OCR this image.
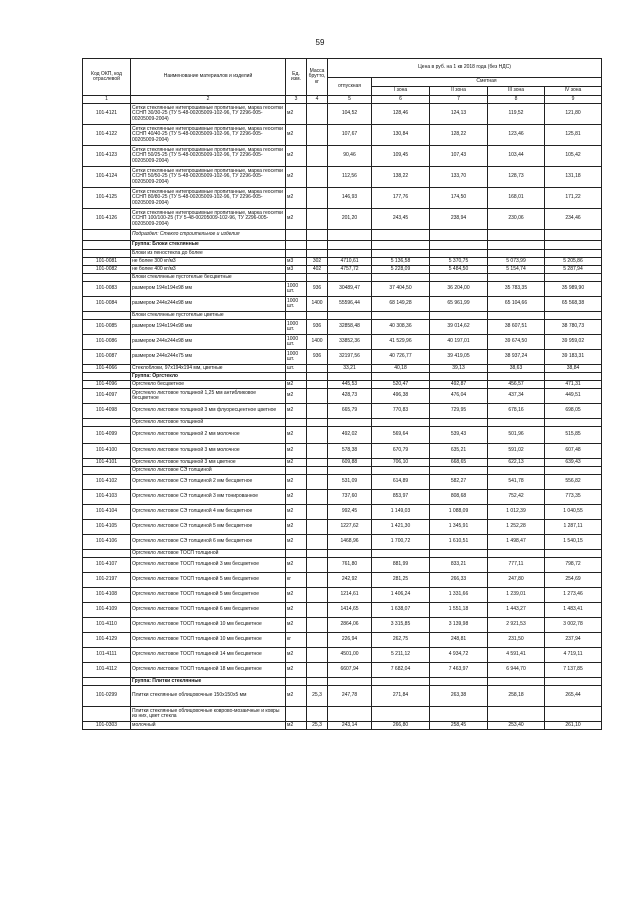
59
Код ОКП, код отраслевой	Наименование материалов и изделий	Ед. изм.	Масса брутто, кг	Цена в руб. на 1 кв 2018 года (без НДС)				
				отпускная	Сметная			
					I зона	II зона	III зона	IV зона
1	2	3	4	5	6	7	8	9
101-4121	Сетки стеклянные нитепрошивные пропитанные, марка геосетки ССНП 30/30-25 (ТУ 5-48-00205009-102-96, ТУ 2296-005-00205009-2004)	м2		104,52	128,46	124,13	119,52	121,80
101-4122	Сетки стеклянные нитепрошивные пропитанные, марка геосетки ССНП 40/40-25 (ТУ 5-48-00205009-102-96, ТУ 2296-005-00205009-2004)	м2		107,67	130,84	128,22	123,46	125,81
101-4123	Сетки стеклянные нитепрошивные пропитанные, марка геосетки ССНП 50/25-25 (ТУ 5-48-00205009-102-96, ТУ 2296-005-00205009-2004)	м2		90,46	109,45	107,43	103,44	105,42
101-4124	Сетки стеклянные нитепрошивные пропитанные, марка геосетки ССНП 50/50-25 (ТУ 5-48-00205009-102-96, ТУ 2296-005-00205009-2004)	м2		112,56	138,22	133,70	128,73	131,18
101-4125	Сетки стеклянные нитепрошивные пропитанные, марка геосетки ССНП 80/80-25 (ТУ 5-48-00205009-102-96, ТУ 2296-005-00205009-2004)	м2		146,93	177,76	174,50	168,01	171,22
101-4126	Сетки стеклянные нитепрошивные пропитанные, марка геосетки ССНП 100/100-25 (ТУ 5-48-00205009-102-96, ТУ 2296-005-00205009-2004)	м2		201,20	243,45	238,94	230,06	234,46
	Подраздел: Стекло строительное и изделия							
	Группа: Блоки стеклянные							
	Блоки из пеностекла до более							
101-0081	не более 300 кг/м3	м3	302	4710,61	5 136,58	5 370,75	5 073,99	5 205,86
101-0082	не более 400 кг/м3	м3	402	4757,72	5 228,09	5 484,50	5 154,74	5 287,94
	Блоки стеклянные пустотелые бесцветные							
101-0083	размером 194х194х98 мм	1000 шт.	936	30489,47	37 404,50	36 204,00	35 783,35	35 989,90
101-0084	размером 244х244х98 мм	1000 шт.	1400	55596,44	68 149,28	65 961,99	65 104,66	65 568,38
	Блоки стеклянные пустотелые цветные							
101-0085	размером 194х194х98 мм	1000 шт.	936	32858,48	40 308,36	39 014,62	38 607,51	38 780,73
101-0086	размером 244х244х98 мм	1000 шт.	1400	33852,36	41 529,96	40 197,01	39 674,50	39 959,02
101-0087	размером 244х244х75 мм	1000 шт.	936	32197,56	40 726,77	39 419,05	38 937,24	39 183,31
101-4066	Стеклоблоки, 97х194х194 мм, цветные	шт.		33,21	40,18	39,13	38,63	38,84
	Группа: Оргстекло							
101-4096	Оргстекло бесцветное	м2		445,53	520,47	492,87	456,57	471,31
101-4097	Оргстекло листовое толщиной 1,25 мм антибликовое бесцветное	м2		428,73	496,38	476,04	437,34	449,51
101-4098	Оргстекло листовое толщиной 3 мм флуоресцентное цветное	м2		665,79	770,83	729,95	678,16	698,05
	Оргстекло листовое толщиной							
101-4099	Оргстекло листовое толщиной 2 мм молочное	м2		492,02	569,64	539,43	501,96	515,85
101-4100	Оргстекло листовое толщиной 3 мм молочное	м2		578,38	670,79	635,21	591,02	607,48
101-4101	Оргстекло листовое толщиной 3 мм цветное	м2		609,88	706,10	668,65	622,13	639,43
	Оргстекло листовое СЭ толщиной							
101-4102	Оргстекло листовое СЭ толщиной 2 мм бесцветное	м2		531,09	614,89	582,27	541,78	556,82
101-4103	Оргстекло листовое СЭ толщиной 3 мм тонированное	м2		737,60	853,97	808,68	752,42	773,35
101-4104	Оргстекло листовое СЭ толщиной 4 мм бесцветное	м2		992,45	1 149,03	1 088,09	1 012,39	1 040,55
101-4105	Оргстекло листовое СЭ толщиной 5 мм бесцветное	м2		1227,62	1 421,30	1 345,91	1 252,28	1 287,11
101-4106	Оргстекло листовое СЭ толщиной 6 мм бесцветное	м2		1468,96	1 700,72	1 610,51	1 498,47	1 540,15
	Оргстекло листовое ТОСП толщиной							
101-4107	Оргстекло листовое ТОСП толщиной 3 мм бесцветное	м2		761,80	881,99	833,21	777,11	798,72
101-2197	Оргстекло листовое ТОСП толщиной 5 мм бесцветное	кг		242,92	281,25	266,33	247,80	254,69
101-4108	Оргстекло листовое ТОСП толщиной 5 мм бесцветное	м2		1214,61	1 406,24	1 331,66	1 239,01	1 273,46
101-4109	Оргстекло листовое ТОСП толщиной 6 мм бесцветное	м2		1414,65	1 638,07	1 551,18	1 443,27	1 483,41
101-4110	Оргстекло листовое ТОСП толщиной 10 мм бесцветное	м2		2864,06	3 315,85	3 139,98	2 921,53	3 002,78
101-4129	Оргстекло листовое ТОСП толщиной 10 мм бесцветное	кг		226,94	262,75	248,81	231,50	237,94
101-4111	Оргстекло листовое ТОСП толщиной 14 мм бесцветное	м2		4501,00	5 211,12	4 934,72	4 591,41	4 719,11
101-4112	Оргстекло листовое ТОСП толщиной 18 мм бесцветное	м2		6607,94	7 682,04	7 463,97	6 944,70	7 137,85
	Группа: Плитки стеклянные							
101-0299	Плитки стеклянные облицовочные 150х150х5 мм	м2	25,3	247,78	271,84	263,38	258,18	265,44
	Плитки стеклянные облицовочные коврово-мозаичные и ковры из них, цвет стекла							
101-0303	молочный	м2	25,3	243,14	266,80	258,45	253,40	261,10
